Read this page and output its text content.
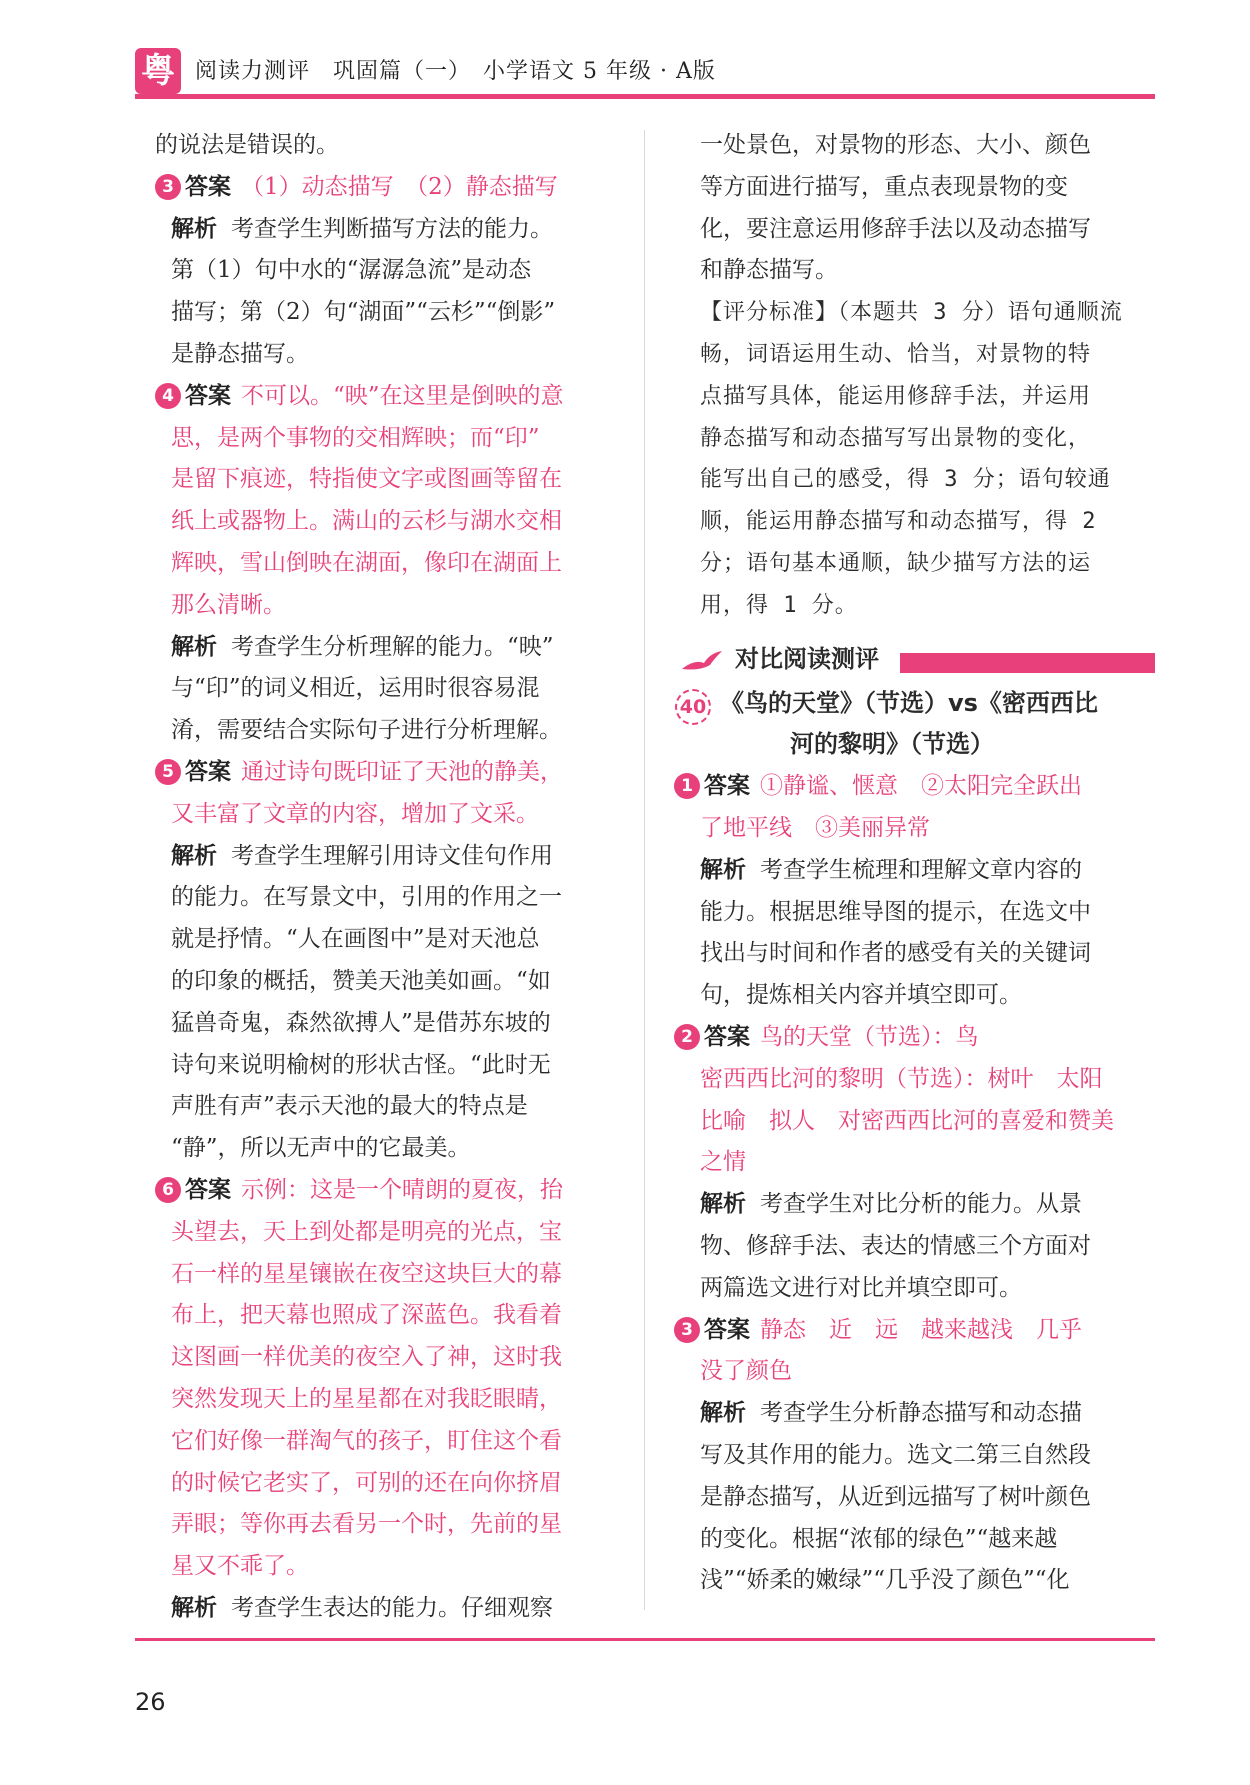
粤 阅读力测评　巩固篇（一）　小学语文 5 年级 · A版
的说法是错误的。
3 答案 （1）动态描写　（2）静态描写
解析 考查学生判断描写方法的能力。
第（1）句中水的“潺潺急流”是动态
描写；第（2）句“湖面”“云杉”“倒影”
是静态描写。
4 答案 不可以。“映”在这里是倒映的意
思，是两个事物的交相辉映；而“印”
是留下痕迹，特指使文字或图画等留在
纸上或器物上。满山的云杉与湖水交相
辉映，雪山倒映在湖面，像印在湖面上
那么清晰。
解析 考查学生分析理解的能力。“映”
与“印”的词义相近，运用时很容易混
淆，需要结合实际句子进行分析理解。
5 答案 通过诗句既印证了天池的静美，
又丰富了文章的内容，增加了文采。
解析 考查学生理解引用诗文佳句作用
的能力。在写景文中，引用的作用之一
就是抒情。“人在画图中”是对天池总
的印象的概括，赞美天池美如画。“如
猛兽奇鬼，森然欲搏人”是借苏东坡的
诗句来说明榆树的形状古怪。“此时无
声胜有声”表示天池的最大的特点是
“静”，所以无声中的它最美。
6 答案 示例：这是一个晴朗的夏夜，抬
头望去，天上到处都是明亮的光点，宝
石一样的星星镶嵌在夜空这块巨大的幕
布上，把天幕也照成了深蓝色。我看着
这图画一样优美的夜空入了神，这时我
突然发现天上的星星都在对我眨眼睛，
它们好像一群淘气的孩子，盯住这个看
的时候它老实了，可别的还在向你挤眉
弄眼；等你再去看另一个时，先前的星
星又不乖了。
解析 考查学生表达的能力。仔细观察
一处景色，对景物的形态、大小、颜色
等方面进行描写，重点表现景物的变
化，要注意运用修辞手法以及动态描写
和静态描写。
【评分标准】（本题共 3 分）语句通顺流
畅，词语运用生动、恰当，对景物的特
点描写具体，能运用修辞手法，并运用
静态描写和动态描写写出景物的变化，
能写出自己的感受，得 3 分；语句较通
顺，能运用静态描写和动态描写，得 2
分；语句基本通顺，缺少描写方法的运
用，得 1 分。
对比阅读测评
40 《鸟的天堂》（节选）vs《密西西比
河的黎明》（节选）
1 答案 ①静谧、惬意　②太阳完全跃出
了地平线　③美丽异常
解析 考查学生梳理和理解文章内容的
能力。根据思维导图的提示，在选文中
找出与时间和作者的感受有关的关键词
句，提炼相关内容并填空即可。
2 答案 鸟的天堂（节选）：鸟
密西西比河的黎明（节选）：树叶　太阳
比喻　拟人　对密西西比河的喜爱和赞美
之情
解析 考查学生对比分析的能力。从景
物、修辞手法、表达的情感三个方面对
两篇选文进行对比并填空即可。
3 答案 静态　近　远　越来越浅　几乎
没了颜色
解析 考查学生分析静态描写和动态描
写及其作用的能力。选文二第三自然段
是静态描写，从近到远描写了树叶颜色
的变化。根据“浓郁的绿色”“越来越
浅”“娇柔的嫩绿”“几乎没了颜色”“化
26
